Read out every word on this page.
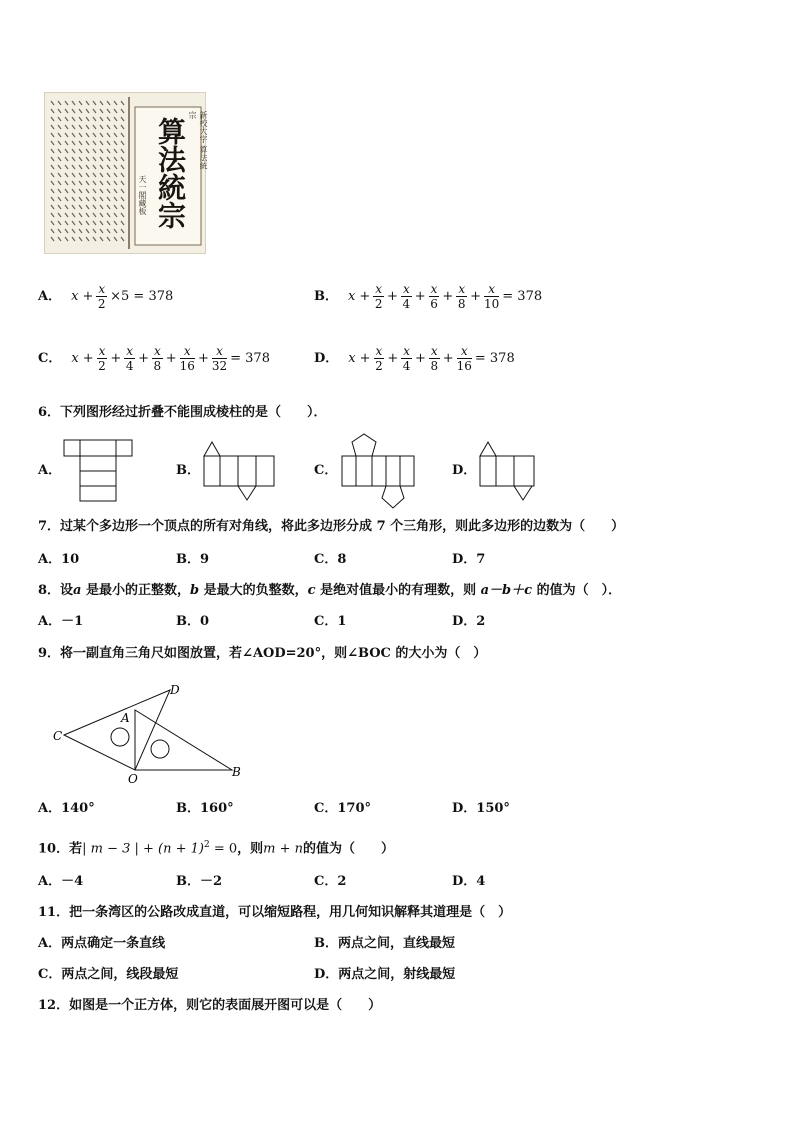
算法統宗	新校大字 算法統宗
天一閣藏板
A． $x + \frac{x}{2} \times 5 = 378$	B． $x + \frac{x}{2} + \frac{x}{4} + \frac{x}{6} + \frac{x}{8} + \frac{x}{10} = 378$
C． $x + \frac{x}{2} + \frac{x}{4} + \frac{x}{8} + \frac{x}{16} + \frac{x}{32} = 378$	D． $x + \frac{x}{2} + \frac{x}{4} + \frac{x}{8} + \frac{x}{16} = 378$
6．下列图形经过折叠不能围成棱柱的是（　　）．
A．	B．	C．	D．
7．过某个多边形一个顶点的所有对角线，将此多边形分成 7 个三角形，则此多边形的边数为（　　）
A．10	B．9	C．8	D．7
8．设a 是最小的正整数，b 是最大的负整数，c 是绝对值最小的有理数，则 a－b＋c 的值为（　）．
A．－1	B．0	C．1	D．2
9．将一副直角三角尺如图放置，若∠AOD=20°，则∠BOC 的大小为（　）
C
D
A
O	B
A．140°	B．160°	C．170°	D．150°
10．若| m − 3 | + $(n + 1)^2 = 0$，则m + n的值为（　　）
A．－4	B．－2	C．2	D．4
11．把一条湾区的公路改成直道，可以缩短路程，用几何知识解释其道理是（　）
A．两点确定一条直线	B．两点之间，直线最短
C．两点之间，线段最短	D．两点之间，射线最短
12．如图是一个正方体，则它的表面展开图可以是（　　）
